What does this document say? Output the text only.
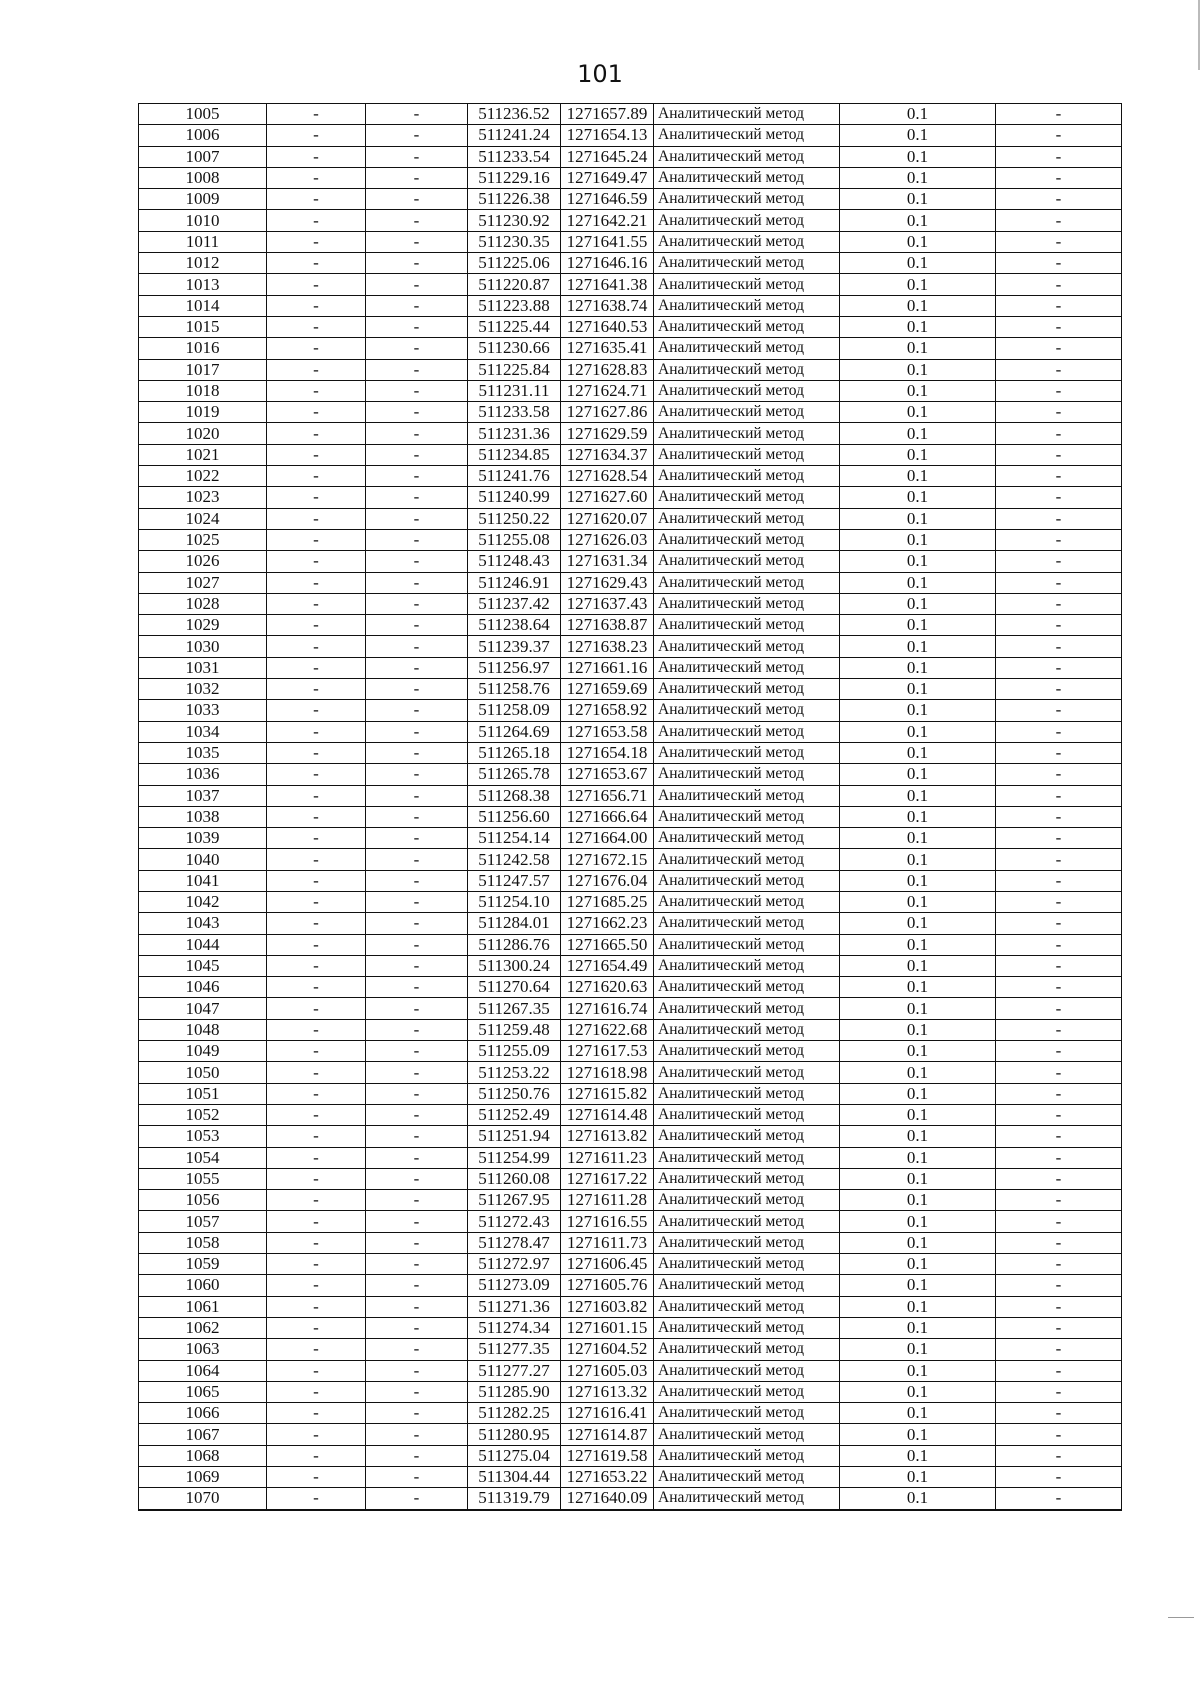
101
1005	-	-	511236.52	1271657.89	Аналитический метод	0.1	-
1006	-	-	511241.24	1271654.13	Аналитический метод	0.1	-
1007	-	-	511233.54	1271645.24	Аналитический метод	0.1	-
1008	-	-	511229.16	1271649.47	Аналитический метод	0.1	-
1009	-	-	511226.38	1271646.59	Аналитический метод	0.1	-
1010	-	-	511230.92	1271642.21	Аналитический метод	0.1	-
1011	-	-	511230.35	1271641.55	Аналитический метод	0.1	-
1012	-	-	511225.06	1271646.16	Аналитический метод	0.1	-
1013	-	-	511220.87	1271641.38	Аналитический метод	0.1	-
1014	-	-	511223.88	1271638.74	Аналитический метод	0.1	-
1015	-	-	511225.44	1271640.53	Аналитический метод	0.1	-
1016	-	-	511230.66	1271635.41	Аналитический метод	0.1	-
1017	-	-	511225.84	1271628.83	Аналитический метод	0.1	-
1018	-	-	511231.11	1271624.71	Аналитический метод	0.1	-
1019	-	-	511233.58	1271627.86	Аналитический метод	0.1	-
1020	-	-	511231.36	1271629.59	Аналитический метод	0.1	-
1021	-	-	511234.85	1271634.37	Аналитический метод	0.1	-
1022	-	-	511241.76	1271628.54	Аналитический метод	0.1	-
1023	-	-	511240.99	1271627.60	Аналитический метод	0.1	-
1024	-	-	511250.22	1271620.07	Аналитический метод	0.1	-
1025	-	-	511255.08	1271626.03	Аналитический метод	0.1	-
1026	-	-	511248.43	1271631.34	Аналитический метод	0.1	-
1027	-	-	511246.91	1271629.43	Аналитический метод	0.1	-
1028	-	-	511237.42	1271637.43	Аналитический метод	0.1	-
1029	-	-	511238.64	1271638.87	Аналитический метод	0.1	-
1030	-	-	511239.37	1271638.23	Аналитический метод	0.1	-
1031	-	-	511256.97	1271661.16	Аналитический метод	0.1	-
1032	-	-	511258.76	1271659.69	Аналитический метод	0.1	-
1033	-	-	511258.09	1271658.92	Аналитический метод	0.1	-
1034	-	-	511264.69	1271653.58	Аналитический метод	0.1	-
1035	-	-	511265.18	1271654.18	Аналитический метод	0.1	-
1036	-	-	511265.78	1271653.67	Аналитический метод	0.1	-
1037	-	-	511268.38	1271656.71	Аналитический метод	0.1	-
1038	-	-	511256.60	1271666.64	Аналитический метод	0.1	-
1039	-	-	511254.14	1271664.00	Аналитический метод	0.1	-
1040	-	-	511242.58	1271672.15	Аналитический метод	0.1	-
1041	-	-	511247.57	1271676.04	Аналитический метод	0.1	-
1042	-	-	511254.10	1271685.25	Аналитический метод	0.1	-
1043	-	-	511284.01	1271662.23	Аналитический метод	0.1	-
1044	-	-	511286.76	1271665.50	Аналитический метод	0.1	-
1045	-	-	511300.24	1271654.49	Аналитический метод	0.1	-
1046	-	-	511270.64	1271620.63	Аналитический метод	0.1	-
1047	-	-	511267.35	1271616.74	Аналитический метод	0.1	-
1048	-	-	511259.48	1271622.68	Аналитический метод	0.1	-
1049	-	-	511255.09	1271617.53	Аналитический метод	0.1	-
1050	-	-	511253.22	1271618.98	Аналитический метод	0.1	-
1051	-	-	511250.76	1271615.82	Аналитический метод	0.1	-
1052	-	-	511252.49	1271614.48	Аналитический метод	0.1	-
1053	-	-	511251.94	1271613.82	Аналитический метод	0.1	-
1054	-	-	511254.99	1271611.23	Аналитический метод	0.1	-
1055	-	-	511260.08	1271617.22	Аналитический метод	0.1	-
1056	-	-	511267.95	1271611.28	Аналитический метод	0.1	-
1057	-	-	511272.43	1271616.55	Аналитический метод	0.1	-
1058	-	-	511278.47	1271611.73	Аналитический метод	0.1	-
1059	-	-	511272.97	1271606.45	Аналитический метод	0.1	-
1060	-	-	511273.09	1271605.76	Аналитический метод	0.1	-
1061	-	-	511271.36	1271603.82	Аналитический метод	0.1	-
1062	-	-	511274.34	1271601.15	Аналитический метод	0.1	-
1063	-	-	511277.35	1271604.52	Аналитический метод	0.1	-
1064	-	-	511277.27	1271605.03	Аналитический метод	0.1	-
1065	-	-	511285.90	1271613.32	Аналитический метод	0.1	-
1066	-	-	511282.25	1271616.41	Аналитический метод	0.1	-
1067	-	-	511280.95	1271614.87	Аналитический метод	0.1	-
1068	-	-	511275.04	1271619.58	Аналитический метод	0.1	-
1069	-	-	511304.44	1271653.22	Аналитический метод	0.1	-
1070	-	-	511319.79	1271640.09	Аналитический метод	0.1	-
